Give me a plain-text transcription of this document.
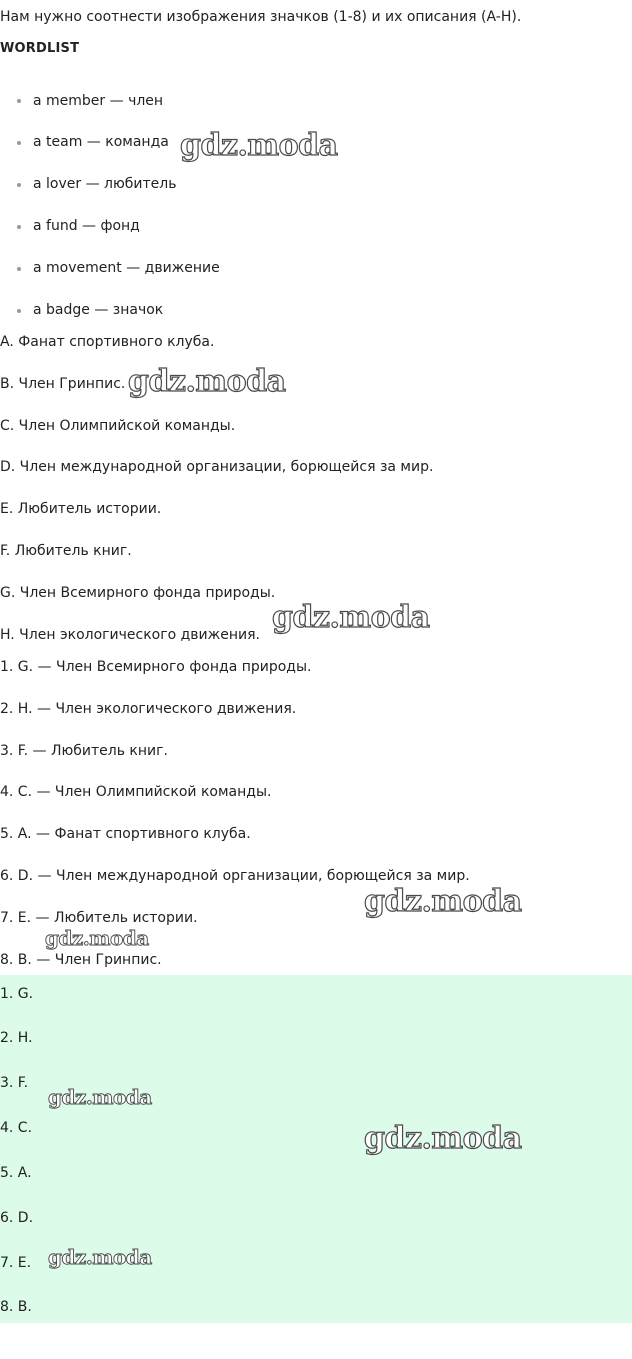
Нам нужно соотнести изображения значков (1-8) и их описания (A-H).
WORDLIST
a member — член
a team — команда
a lover — любитель
a fund — фонд
a movement — движение
a badge — значок
A. Фанат спортивного клуба.
B. Член Гринпис.
C. Член Олимпийской команды.
D. Член международной организации, борющейся за мир.
E. Любитель истории.
F. Любитель книг.
G. Член Всемирного фонда природы.
H. Член экологического движения.
1. G. — Член Всемирного фонда природы.
2. H. — Член экологического движения.
3. F. — Любитель книг.
4. C. — Член Олимпийской команды.
5. A. — Фанат спортивного клуба.
6. D. — Член международной организации, борющейся за мир.
7. E. — Любитель истории.
8. B. — Член Гринпис.
1. G.
2. H.
3. F.
4. C.
5. A.
6. D.
7. E.
8. B.
gdz.moda
gdz.moda
gdz.moda
gdz.moda
gdz.moda
gdz.moda
gdz.moda
gdz.moda
